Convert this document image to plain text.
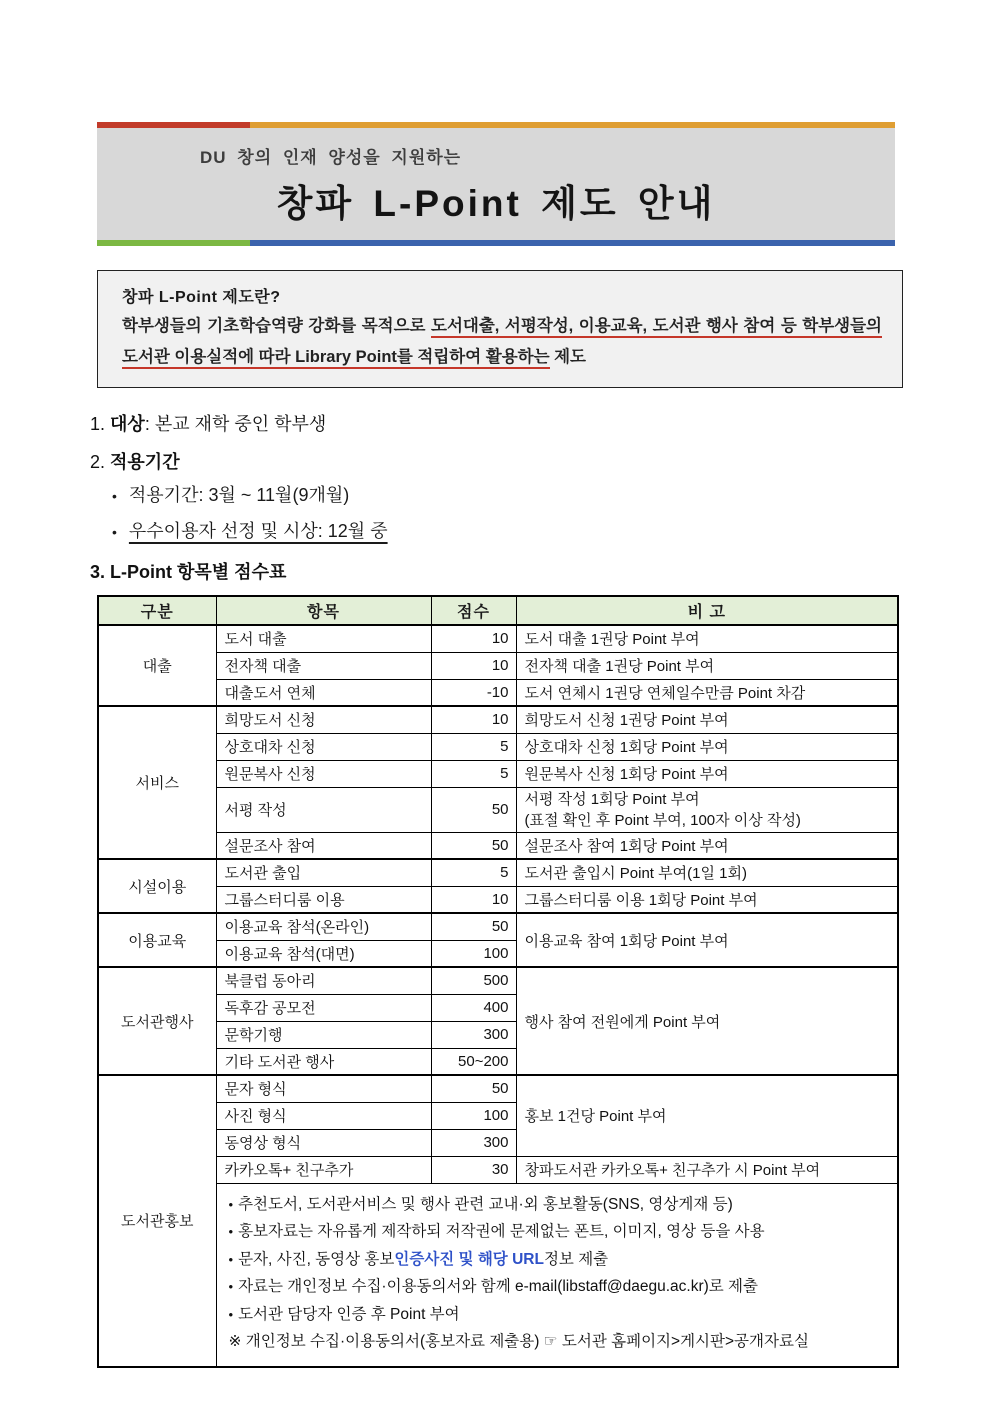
DU 창의 인재 양성을 지원하는
창파 L-Point 제도 안내
창파 L-Point 제도란?
학부생들의 기초학습역량 강화를 목적으로 도서대출, 서평작성, 이용교육, 도서관 행사 참여 등 학부생들의 도서관 이용실적에 따라 Library Point를 적립하여 활용하는 제도
1. 대상: 본교 재학 중인 학부생
2. 적용기간
• 적용기간: 3월 ~ 11월(9개월)
• 우수이용자 선정 및 시상: 12월 중
3. L-Point 항목별 점수표
구분	항목	점수	비 고
대출	도서 대출	10	도서 대출 1권당 Point 부여
	전자책 대출	10	전자책 대출 1권당 Point 부여
	대출도서 연체	-10	도서 연체시 1권당 연체일수만큼 Point 차감
서비스	희망도서 신청	10	희망도서 신청 1권당 Point 부여
	상호대차 신청	5	상호대차 신청 1회당 Point 부여
	원문복사 신청	5	원문복사 신청 1회당 Point 부여
	서평 작성	50	서평 작성 1회당 Point 부여
(표절 확인 후 Point 부여, 100자 이상 작성)

	설문조사 참여	50	설문조사 참여 1회당 Point 부여
시설이용	도서관 출입	5	도서관 출입시 Point 부여(1일 1회)
	그룹스터디룸 이용	10	그룹스터디룸 이용 1회당 Point 부여
이용교육	이용교육 참석(온라인)	50	이용교육 참여 1회당 Point 부여
	이용교육 참석(대면)	100	
도서관행사	북클럽 동아리	500	행사 참여 전원에게 Point 부여
	독후감 공모전	400	
	문학기행	300	
	기타 도서관 행사	50~200	
도서관홍보	문자 형식	50	홍보 1건당 Point 부여
	사진 형식	100	
	동영상 형식	300	
	카카오톡+ 친구추가	30	창파도서관 카카오톡+ 친구추가 시 Point 부여

• 추천도서, 도서관서비스 및 행사 관련 교내·외 홍보활동(SNS, 영상게재 등)
• 홍보자료는 자유롭게 제작하되 저작권에 문제없는 폰트, 이미지, 영상 등을 사용
• 문자, 사진, 동영상 홍보 인증사진 및 해당 URL 정보 제출
• 자료는 개인정보 수집·이용동의서와 함께 e-mail(libstaff@daegu.ac.kr)로 제출
• 도서관 담당자 인증 후 Point 부여
※ 개인정보 수집·이용동의서(홍보자료 제출용) ☞ 도서관 홈페이지>게시판>공개자료실
